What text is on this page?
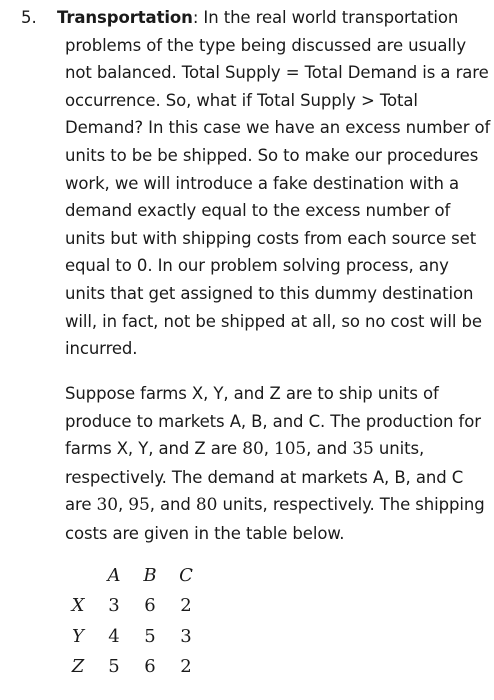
5. Transportation: In the real world transportation
problems of the type being discussed are usually
not balanced. Total Supply = Total Demand is a rare
occurrence. So, what if Total Supply > Total
Demand? In this case we have an excess number of
units to be be shipped. So to make our procedures
work, we will introduce a fake destination with a
demand exactly equal to the excess number of
units but with shipping costs from each source set
equal to 0. In our problem solving process, any
units that get assigned to this dummy destination
will, in fact, not be shipped at all, so no cost will be
incurred.
Suppose farms X, Y, and Z are to ship units of
produce to markets A, B, and C. The production for
farms X, Y, and Z are 80, 105, and 35 units,
respectively. The demand at markets A, B, and C
are 30, 95, and 80 units, respectively. The shipping
costs are given in the table below.
	A	B	C
X	3	6	2
Y	4	5	3
Z	5	6	2
